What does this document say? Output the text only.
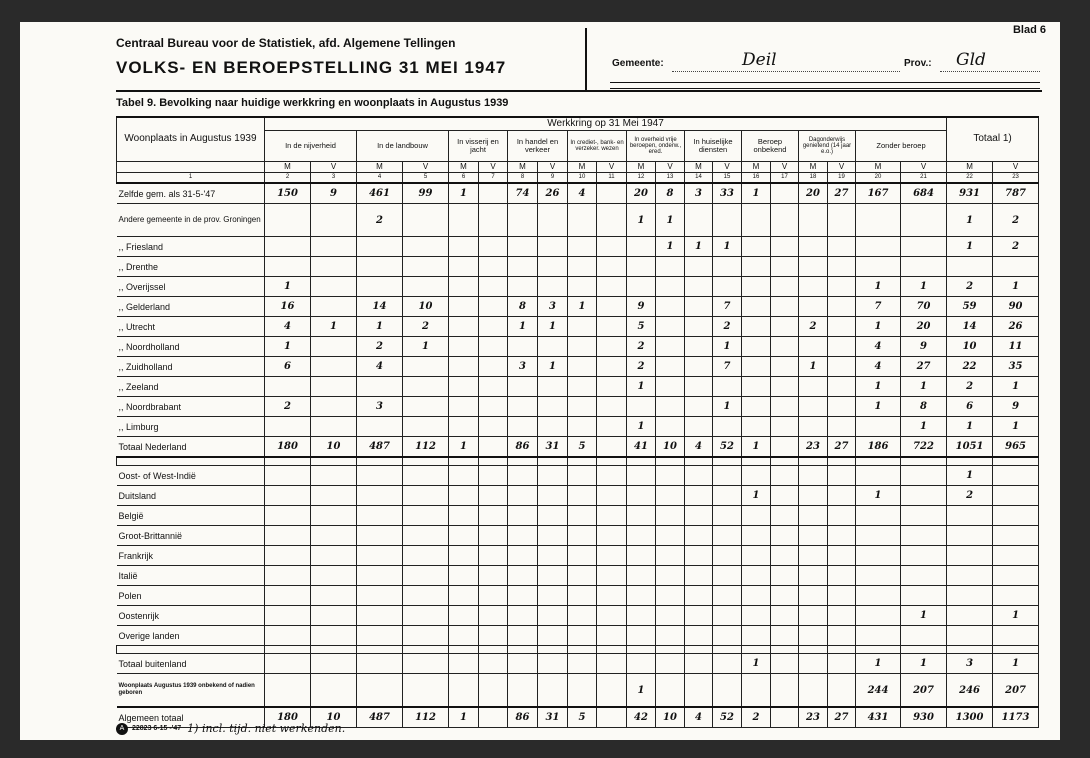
Centraal Bureau voor de Statistiek, afd. Algemene Tellingen
VOLKS- EN BEROEPSTELLING 31 MEI 1947
Blad 6
Gemeente:	Deil	Prov.: Gld
Tabel 9. Bevolking naar huidige werkkring en woonplaats in Augustus 1939
Woonplaats in Augustus 1939	Werkkring op 31 Mei 1947																				Totaal 1)	
	In de nijverheid		In de landbouw		In visserij en jacht		In handel en verkeer		In crediet-, bank- en verzeker. wezen		In overheid vrije beroepen, onderw., ered.		In huiselijke diensten		Beroep onbekend		Dagonderwijs genietend (14 jaar e.o.)		Zonder beroep			
	M	V	M	V	M	V	M	V	M	V	M	V	M	V	M	V	M	V	M	V	M	V
1	2	3	4	5	6	7	8	9	10	11	12	13	14	15	16	17	18	19	20	21	22	23
Zelfde gem. als 31-5-'47	150	9	461	99	1		74	26	4		20	8	3	33	1		20	27	167	684	931	787
Andere gemeente in de prov. Groningen			2								1	1									1	2
,, Friesland												1	1	1							1	2
,, Drenthe																						
,, Overijssel	1																		1	1	2	1
,, Gelderland	16		14	10			8	3	1		9			7					7	70	59	90
,, Utrecht	4	1	1	2			1	1			5			2			2		1	20	14	26
,, Noordholland	1		2	1							2			1					4	9	10	11
,, Zuidholland	6		4				3	1			2			7			1		4	27	22	35
,, Zeeland											1								1	1	2	1
,, Noordbrabant	2		3											1					1	8	6	9
,, Limburg											1									1	1	1
Totaal Nederland	180	10	487	112	1		86	31	5		41	10	4	52	1		23	27	186	722	1051	965

Oost- of West-Indië																					1	
Duitsland															1				1		2	
België																						
Groot-Brittannië																						
Frankrijk																						
Italië																						
Polen																						
Oostenrijk																				1		1
Overige landen																						

Totaal buitenland															1				1	1	3	1
Woonplaats Augustus 1939 onbekend of nadien geboren											1								244	207	246	207
Algemeen totaal	180	10	487	112	1		86	31	5		42	10	4	52	2		23	27	431	930	1300	1173
A	22823 6-15 -'47 1) incl. tijd. niet werkenden.
